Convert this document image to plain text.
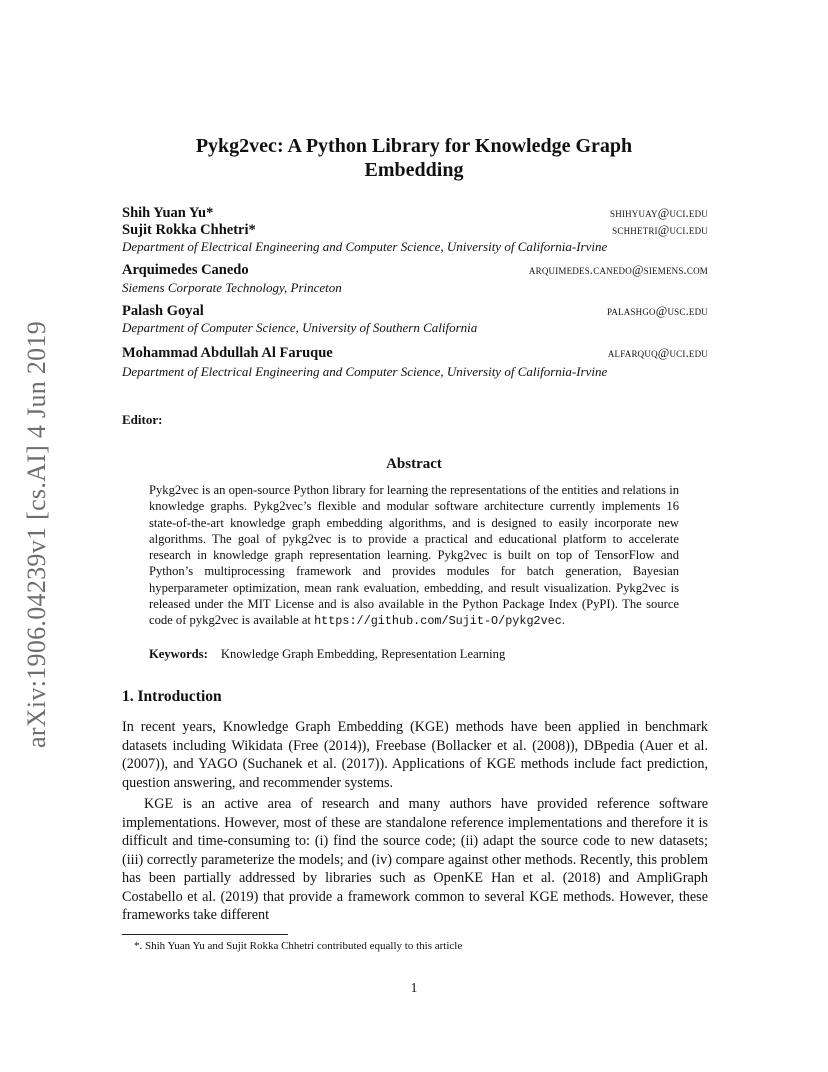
arXiv:1906.04239v1 [cs.AI] 4 Jun 2019
Pykg2vec: A Python Library for Knowledge Graph
Embedding
Shih Yuan Yu*	shihyuay@uci.edu
Sujit Rokka Chhetri*	schhetri@uci.edu
Department of Electrical Engineering and Computer Science, University of California-Irvine
Arquimedes Canedo	arquimedes.canedo@siemens.com
Siemens Corporate Technology, Princeton
Palash Goyal	palashgo@usc.edu
Department of Computer Science, University of Southern California
Mohammad Abdullah Al Faruque	alfarquq@uci.edu
Department of Electrical Engineering and Computer Science, University of California-Irvine
Editor:
Abstract
Pykg2vec is an open-source Python library for learning the representations of the entities and relations in knowledge graphs. Pykg2vec’s flexible and modular software architecture currently implements 16 state-of-the-art knowledge graph embedding algorithms, and is designed to easily incorporate new algorithms. The goal of pykg2vec is to provide a practical and educational platform to accelerate research in knowledge graph representation learning. Pykg2vec is built on top of TensorFlow and Python’s multiprocessing framework and provides modules for batch generation, Bayesian hyperparameter optimization, mean rank evaluation, embedding, and result visualization. Pykg2vec is released under the MIT License and is also available in the Python Package Index (PyPI). The source code of pykg2vec is available at https://github.com/Sujit-O/pykg2vec.
Keywords: Knowledge Graph Embedding, Representation Learning
1. Introduction
In recent years, Knowledge Graph Embedding (KGE) methods have been applied in benchmark datasets including Wikidata (Free (2014)), Freebase (Bollacker et al. (2008)), DBpedia (Auer et al. (2007)), and YAGO (Suchanek et al. (2017)). Applications of KGE methods include fact prediction, question answering, and recommender systems.
KGE is an active area of research and many authors have provided reference software implementations. However, most of these are standalone reference implementations and therefore it is difficult and time-consuming to: (i) find the source code; (ii) adapt the source code to new datasets; (iii) correctly parameterize the models; and (iv) compare against other methods. Recently, this problem has been partially addressed by libraries such as OpenKE Han et al. (2018) and AmpliGraph Costabello et al. (2019) that provide a framework common to several KGE methods. However, these frameworks take different
*. Shih Yuan Yu and Sujit Rokka Chhetri contributed equally to this article
1
